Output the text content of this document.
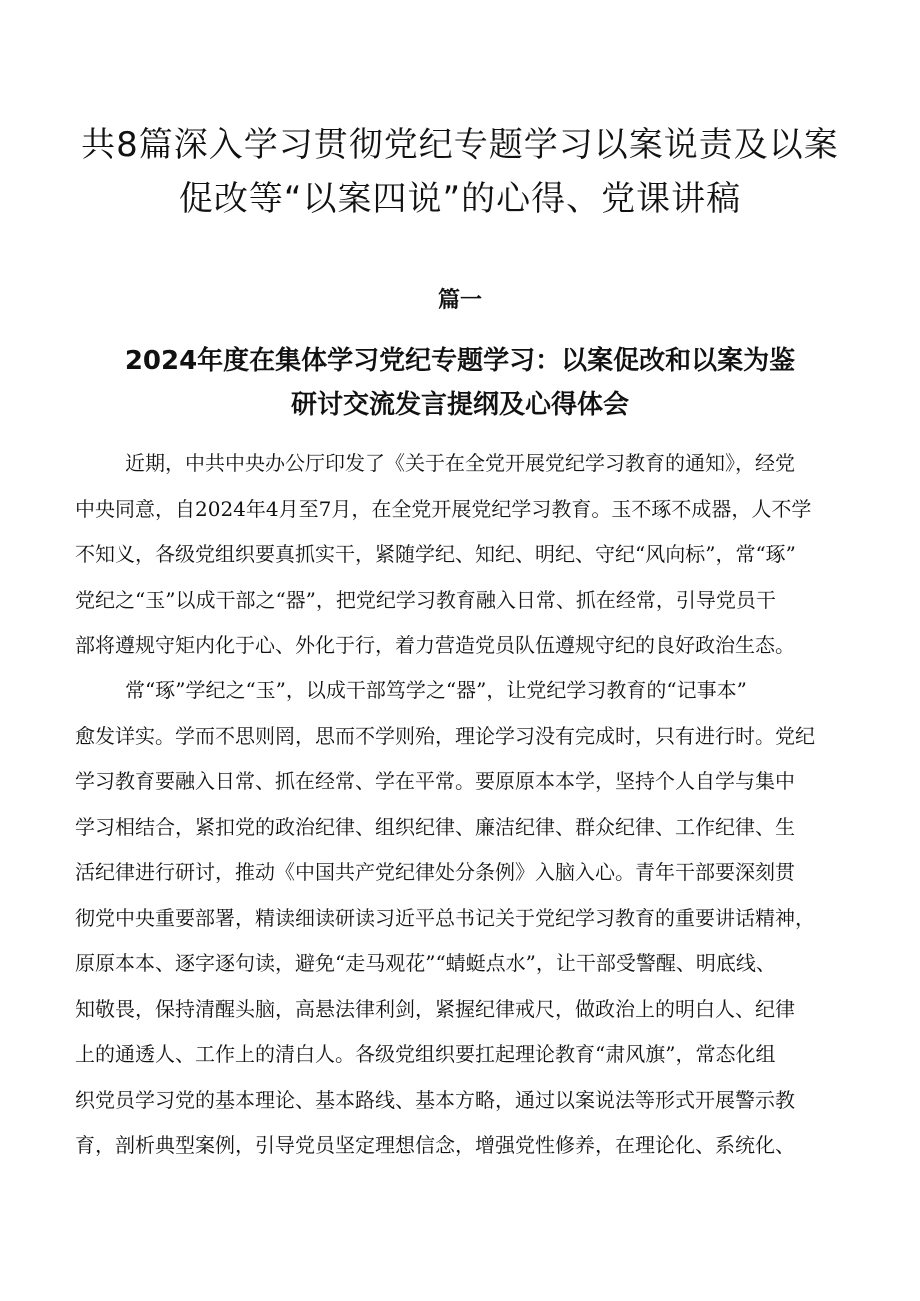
共8篇深入学习贯彻党纪专题学习以案说责及以案
促改等“以案四说”的心得、党课讲稿
篇一
2024年度在集体学习党纪专题学习：以案促改和以案为鉴
研讨交流发言提纲及心得体会
近期，中共中央办公厅印发了《关于在全党开展党纪学习教育的通知》，经党
中央同意，自2024年4月至7月，在全党开展党纪学习教育。玉不琢不成器，人不学
不知义，各级党组织要真抓实干，紧随学纪、知纪、明纪、守纪“风向标”，常“琢”
党纪之“玉”以成干部之“器”，把党纪学习教育融入日常、抓在经常，引导党员干
部将遵规守矩内化于心、外化于行，着力营造党员队伍遵规守纪的良好政治生态。
常“琢”学纪之“玉”，以成干部笃学之“器”，让党纪学习教育的“记事本”
愈发详实。学而不思则罔，思而不学则殆，理论学习没有完成时，只有进行时。党纪
学习教育要融入日常、抓在经常、学在平常。要原原本本学，坚持个人自学与集中
学习相结合，紧扣党的政治纪律、组织纪律、廉洁纪律、群众纪律、工作纪律、生
活纪律进行研讨，推动《中国共产党纪律处分条例》入脑入心。青年干部要深刻贯
彻党中央重要部署，精读细读研读习近平总书记关于党纪学习教育的重要讲话精神，
原原本本、逐字逐句读，避免“走马观花”“蜻蜓点水”，让干部受警醒、明底线、
知敬畏，保持清醒头脑，高悬法律利剑，紧握纪律戒尺，做政治上的明白人、纪律
上的通透人、工作上的清白人。各级党组织要扛起理论教育“肃风旗”，常态化组
织党员学习党的基本理论、基本路线、基本方略，通过以案说法等形式开展警示教
育，剖析典型案例，引导党员坚定理想信念，增强党性修养，在理论化、系统化、
